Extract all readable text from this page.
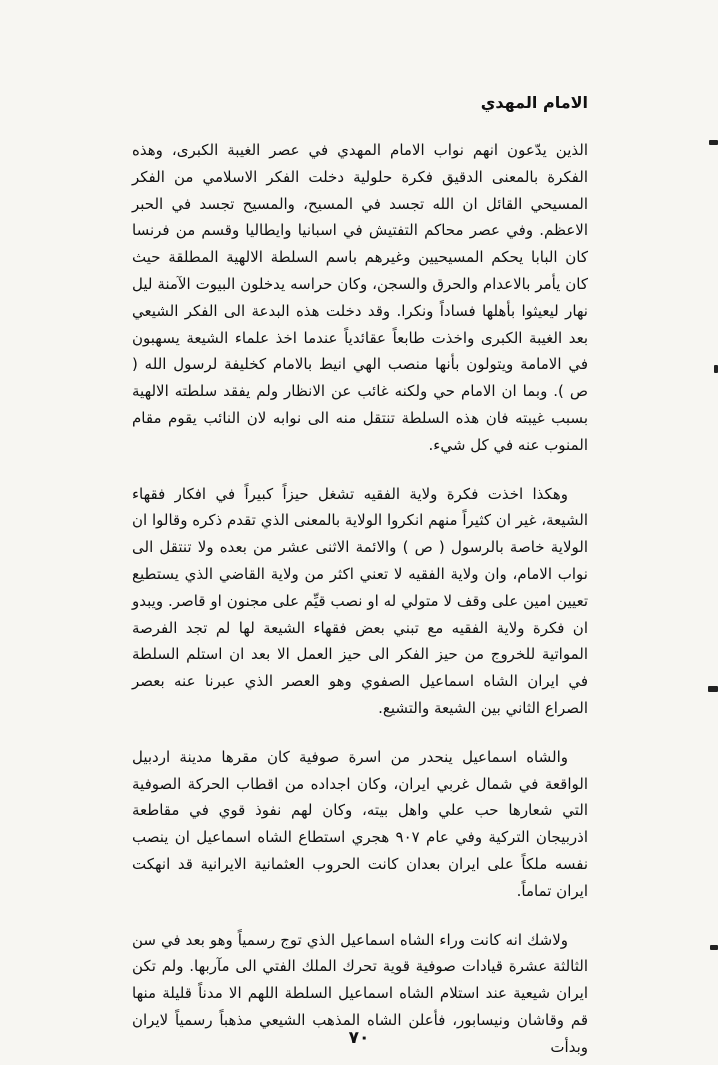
الامام المهدي

الذين يدّعون انهم نواب الامام المهدي في عصر الغيبة الكبرى، وهذه الفكرة بالمعنى الدقيق فكرة حلولية دخلت الفكر الاسلامي من الفكر المسيحي القائل ان الله تجسد في المسيح، والمسيح تجسد في الحبر الاعظم. وفي عصر محاكم التفتيش في اسبانيا وايطاليا وقسم من فرنسا كان البابا يحكم المسيحيين وغيرهم باسم السلطة الالهية المطلقة حيث كان يأمر بالاعدام والحرق والسجن، وكان حراسه يدخلون البيوت الآمنة ليل نهار ليعيثوا بأهلها فساداً ونكرا. وقد دخلت هذه البدعة الى الفكر الشيعي بعد الغيبة الكبرى واخذت طابعاً عقائدياً عندما اخذ علماء الشيعة يسهبون في الامامة ويتولون بأنها منصب الهي انيط بالامام كخليفة لرسول الله ( ص ). وبما ان الامام حي ولكنه غائب عن الانظار ولم يفقد سلطته الالهية بسبب غيبته فان هذه السلطة تنتقل منه الى نوابه لان النائب يقوم مقام المنوب عنه في كل شيء.

وهكذا اخذت فكرة ولاية الفقيه تشغل حيزاً كبيراً في افكار فقهاء الشيعة، غير ان كثيراً منهم انكروا الولاية بالمعنى الذي تقدم ذكره وقالوا ان الولاية خاصة بالرسول ( ص ) والائمة الاثنى عشر من بعده ولا تنتقل الى نواب الامام، وان ولاية الفقيه لا تعني اكثر من ولاية القاضي الذي يستطيع تعيين امين على وقف لا متولي له او نصب قيِّم على مجنون او قاصر. ويبدو ان فكرة ولاية الفقيه مع تبني بعض فقهاء الشيعة لها لم تجد الفرصة المواتية للخروج من حيز الفكر الى حيز العمل الا بعد ان استلم السلطة في ايران الشاه اسماعيل الصفوي وهو العصر الذي عبرنا عنه بعصر الصراع الثاني بين الشيعة والتشيع.

والشاه اسماعيل ينحدر من اسرة صوفية كان مقرها مدينة اردبيل الواقعة في شمال غربي ايران، وكان اجداده من اقطاب الحركة الصوفية التي شعارها حب علي واهل بيته، وكان لهم نفوذ قوي في مقاطعة اذربيجان التركية وفي عام ٩٠٧ هجري استطاع الشاه اسماعيل ان ينصب نفسه ملكاً على ايران بعدان كانت الحروب العثمانية الايرانية قد انهكت ايران تماماً.

ولاشك انه كانت وراء الشاه اسماعيل الذي توج رسمياً وهو بعد في سن الثالثة عشرة قيادات صوفية قوية تحرك الملك الفتي الى مآربها. ولم تكن ايران شيعية عند استلام الشاه اسماعيل السلطة اللهم الا مدناً قليلة منها قم وقاشان ونيسابور، فأعلن الشاه المذهب الشيعي مذهباً رسمياً لايران وبدأت

٧٠
